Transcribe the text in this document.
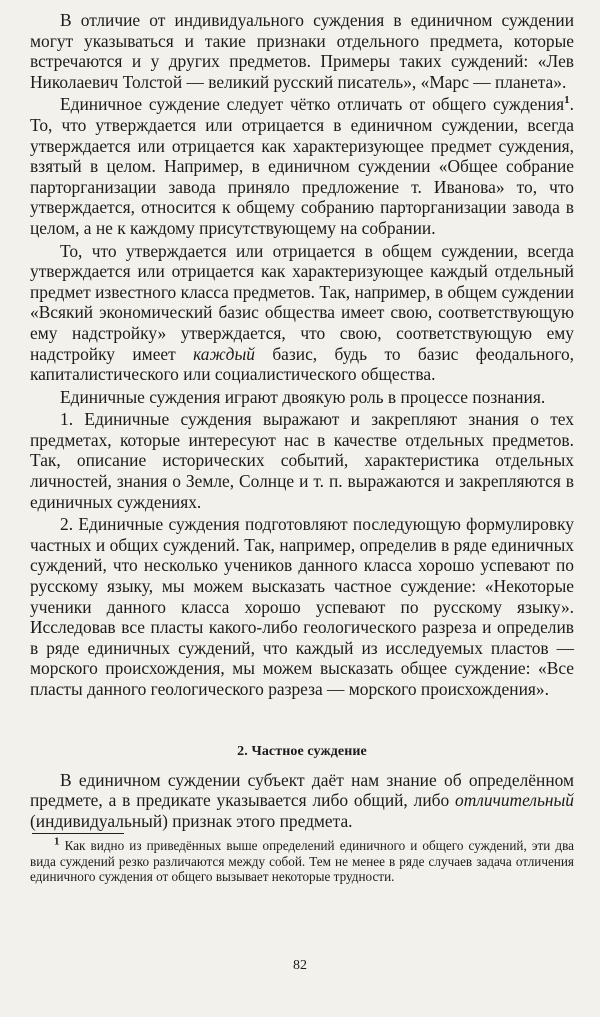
В отличие от индивидуального суждения в единичном суждении могут указываться и такие признаки отдельного предмета, которые встречаются и у других предметов. Примеры таких суждений: «Лев Николаевич Толстой — великий русский писатель», «Марс — планета».

Единичное суждение следует чётко отличать от общего суждения$^1$. То, что утверждается или отрицается в единичном суждении, всегда утверждается или отрицается как характеризующее предмет суждения, взятый в целом. Например, в единичном суждении «Общее собрание парторганизации завода приняло предложение т. Иванова» то, что утверждается, относится к общему собранию парторганизации завода в целом, а не к каждому присутствующему на собрании.

То, что утверждается или отрицается в общем суждении, всегда утверждается или отрицается как характеризующее каждый отдельный предмет известного класса предметов. Так, например, в общем суждении «Всякий экономический базис общества имеет свою, соответствующую ему надстройку» утверждается, что свою, соответствующую ему надстройку имеет каждый базис, будь то базис феодального, капиталистического или социалистического общества.

Единичные суждения играют двоякую роль в процессе познания.

1. Единичные суждения выражают и закрепляют знания о тех предметах, которые интересуют нас в качестве отдельных предметов. Так, описание исторических событий, характеристика отдельных личностей, знания о Земле, Солнце и т. п. выражаются и закрепляются в единичных суждениях.

2. Единичные суждения подготовляют последующую формулировку частных и общих суждений. Так, например, определив в ряде единичных суждений, что несколько учеников данного класса хорошо успевают по русскому языку, мы можем высказать частное суждение: «Некоторые ученики данного класса хорошо успевают по русскому языку». Исследовав все пласты какого-либо геологического разреза и определив в ряде единичных суждений, что каждый из исследуемых пластов — морского происхождения, мы можем высказать общее суждение: «Все пласты данного геологического разреза — морского происхождения».

2. Частное суждение

В единичном суждении субъект даёт нам знание об определённом предмете, а в предикате указывается либо общий, либо отличительный (индивидуальный) признак этого предмета.

$^1$ Как видно из приведённых выше определений единичного и общего суждений, эти два вида суждений резко различаются между собой. Тем не менее в ряде случаев задача отличения единичного суждения от общего вызывает некоторые трудности.

82
